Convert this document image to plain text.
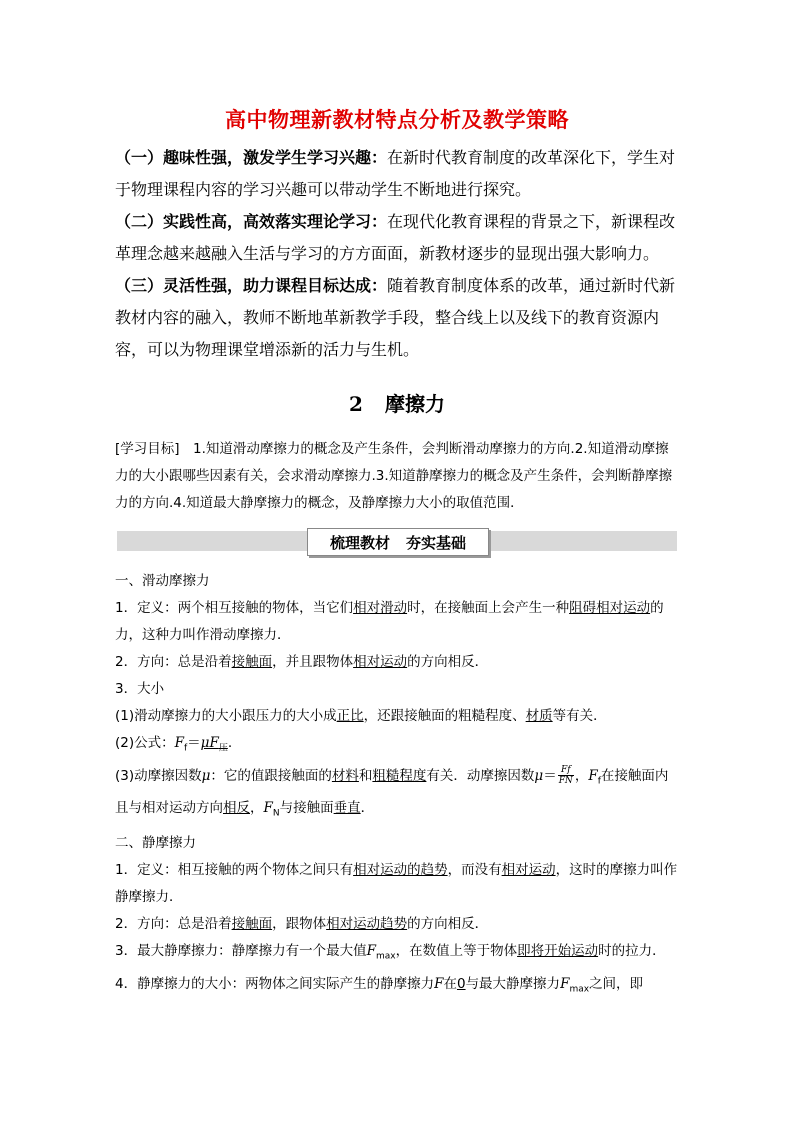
高中物理新教材特点分析及教学策略

（一）趣味性强，激发学生学习兴趣：在新时代教育制度的改革深化下，学生对于物理课程内容的学习兴趣可以带动学生不断地进行探究。

（二）实践性高，高效落实理论学习：在现代化教育课程的背景之下，新课程改革理念越来越融入生活与学习的方方面面，新教材逐步的显现出强大影响力。

（三）灵活性强，助力课程目标达成：随着教育制度体系的改革，通过新时代新教材内容的融入，教师不断地革新教学手段，整合线上以及线下的教育资源内容，可以为物理课堂增添新的活力与生机。

2 摩擦力
[学习目标]　1.知道滑动摩擦力的概念及产生条件，会判断滑动摩擦力的方向.2.知道滑动摩擦力的大小跟哪些因素有关，会求滑动摩擦力.3.知道静摩擦力的概念及产生条件，会判断静摩擦力的方向.4.知道最大静摩擦力的概念，及静摩擦力大小的取值范围．
梳理教材 夯实基础
一、滑动摩擦力
1．定义：两个相互接触的物体，当它们相对滑动时，在接触面上会产生一种阻碍相对运动的力，这种力叫作滑动摩擦力．
2．方向：总是沿着接触面，并且跟物体相对运动的方向相反．
3．大小
(1)滑动摩擦力的大小跟压力的大小成正比，还跟接触面的粗糙程度、材质等有关．
(2)公式：$F_f=\mu F_压$.
(3)动摩擦因数μ：它的值跟接触面的材料和粗糙程度有关．动摩擦因数$\mu= \frac{Ff}{FN}$ ，$F_f$在接触面内且与相对运动方向相反，$F_N$与接触面垂直．
二、静摩擦力
1．定义：相互接触的两个物体之间只有相对运动的趋势，而没有相对运动，这时的摩擦力叫作静摩擦力．
2．方向：总是沿着接触面，跟物体相对运动趋势的方向相反．
3．最大静摩擦力：静摩擦力有一个最大值$F_{max}$，在数值上等于物体即将开始运动时的拉力．
4．静摩擦力的大小：两物体之间实际产生的静摩擦力F在0与最大静摩擦力$F_{max}$之间，即
